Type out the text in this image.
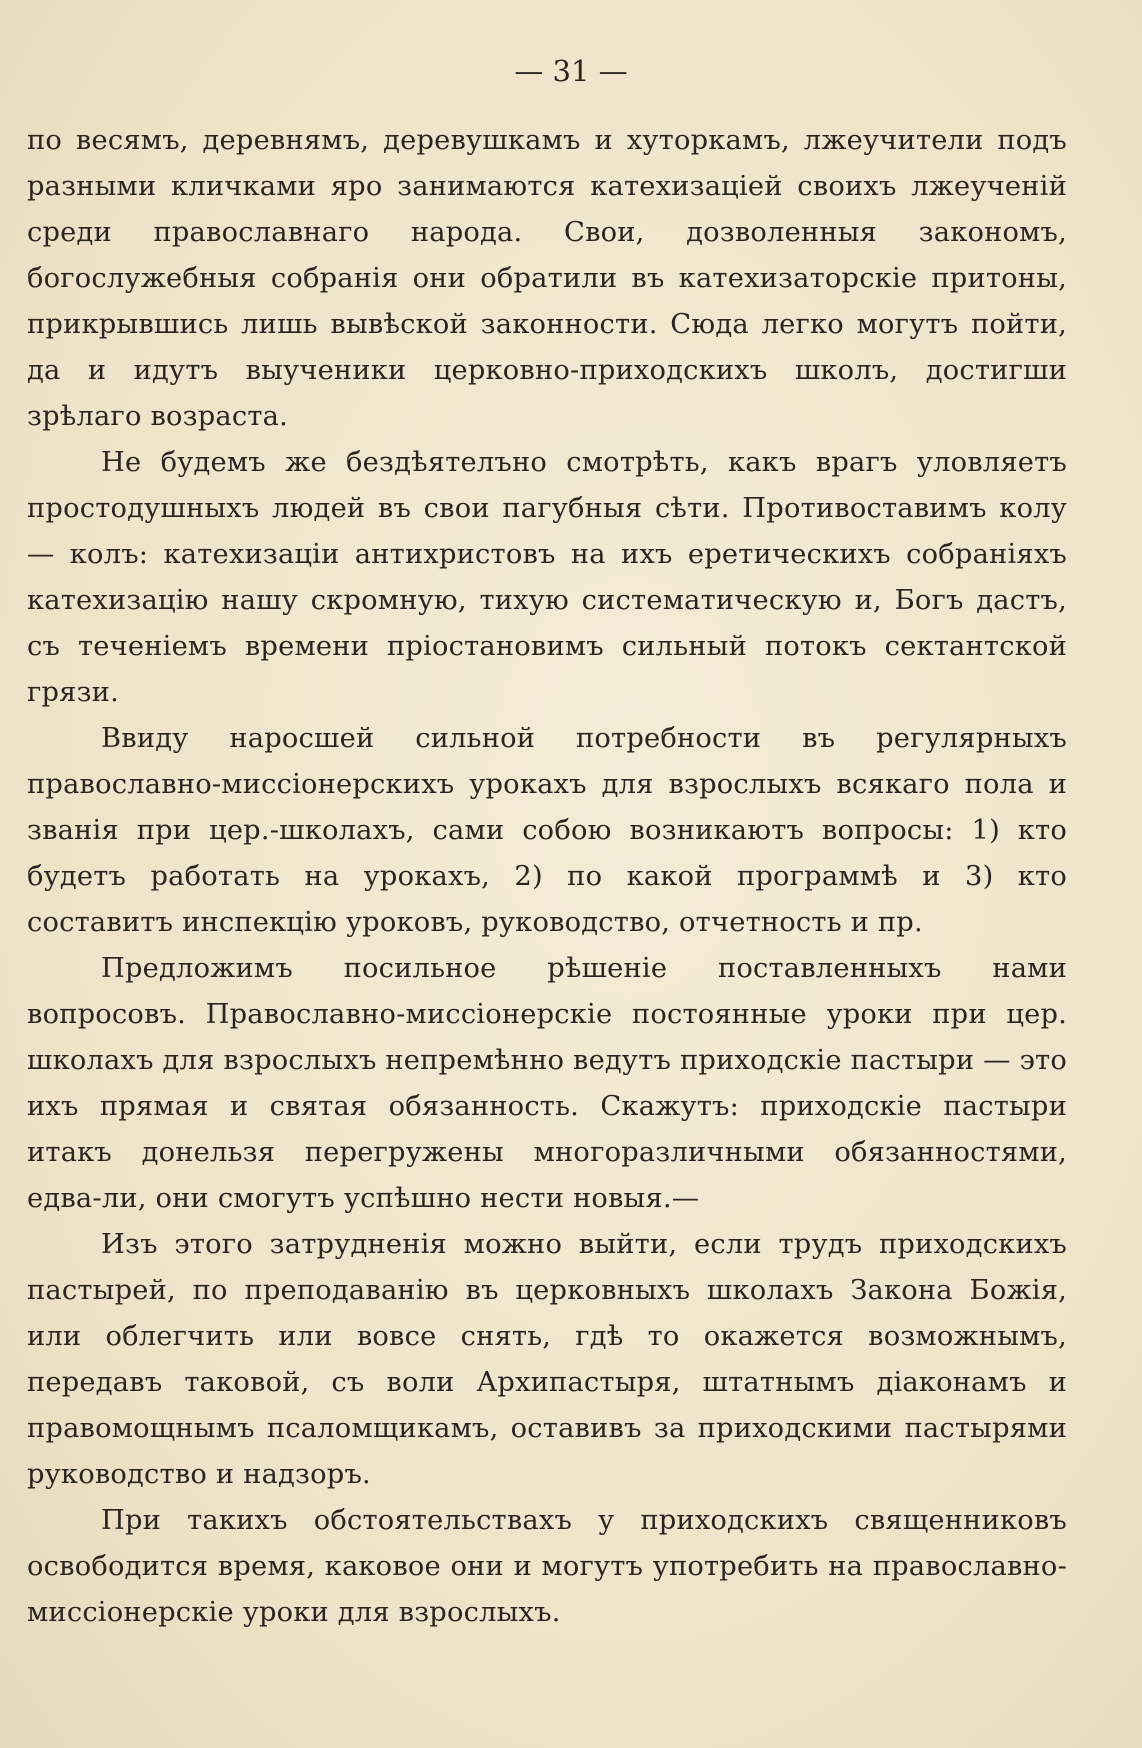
— 31 —

по весямъ, деревнямъ, деревушкамъ и хуторкамъ, лжеучители подъ разными кличками яро занимаются катехизаціей своихъ лжеученій среди православнаго народа. Свои, дозволенныя закономъ, богослужебныя собранія они обратили въ катехизаторскіе притоны, прикрывшись лишь вывѣской законности. Сюда легко могутъ пойти, да и идутъ выученики церковно-приходскихъ школъ, достигши зрѣлаго возраста.

Не будемъ же бездѣятелъно смотрѣть, какъ врагъ уловляетъ простодушныхъ людей въ свои пагубныя сѣти. Противоставимъ колу — колъ: катехизаціи антихристовъ на ихъ еретическихъ собраніяхъ катехизацію нашу скромную, тихую систематическую и, Богъ дастъ, съ теченіемъ времени пріостановимъ сильный потокъ сектантской грязи.

Ввиду наросшей сильной потребности въ регулярныхъ православно-миссіонерскихъ урокахъ для взрослыхъ всякаго пола и званія при цер.-школахъ, сами собою возникаютъ вопросы: 1) кто будетъ работать на урокахъ, 2) по какой программѣ и 3) кто составитъ инспекцію уроковъ, руководство, отчетность и пр.

Предложимъ посильное рѣшеніе поставленныхъ нами вопросовъ. Православно-миссіонерскіе постоянные уроки при цер. школахъ для взрослыхъ непремѣнно ведутъ приходскіе пастыри — это ихъ прямая и святая обязанность. Скажутъ: приходскіе пастыри итакъ донельзя перегружены многоразличными обязанностями, едва-ли, они смогутъ успѣшно нести новыя.—

Изъ этого затрудненія можно выйти, если трудъ приходскихъ пастырей, по преподаванію въ церковныхъ школахъ Закона Божія, или облегчить или вовсе снять, гдѣ то окажется возможнымъ, передавъ таковой, съ воли Архипастыря, штатнымъ діаконамъ и правомощнымъ псаломщикамъ, оставивъ за приходскими пастырями руководство и надзоръ.

При такихъ обстоятельствахъ у приходскихъ священниковъ освободится время, каковое они и могутъ употребить на православно-миссіонерскіе уроки для взрослыхъ.
